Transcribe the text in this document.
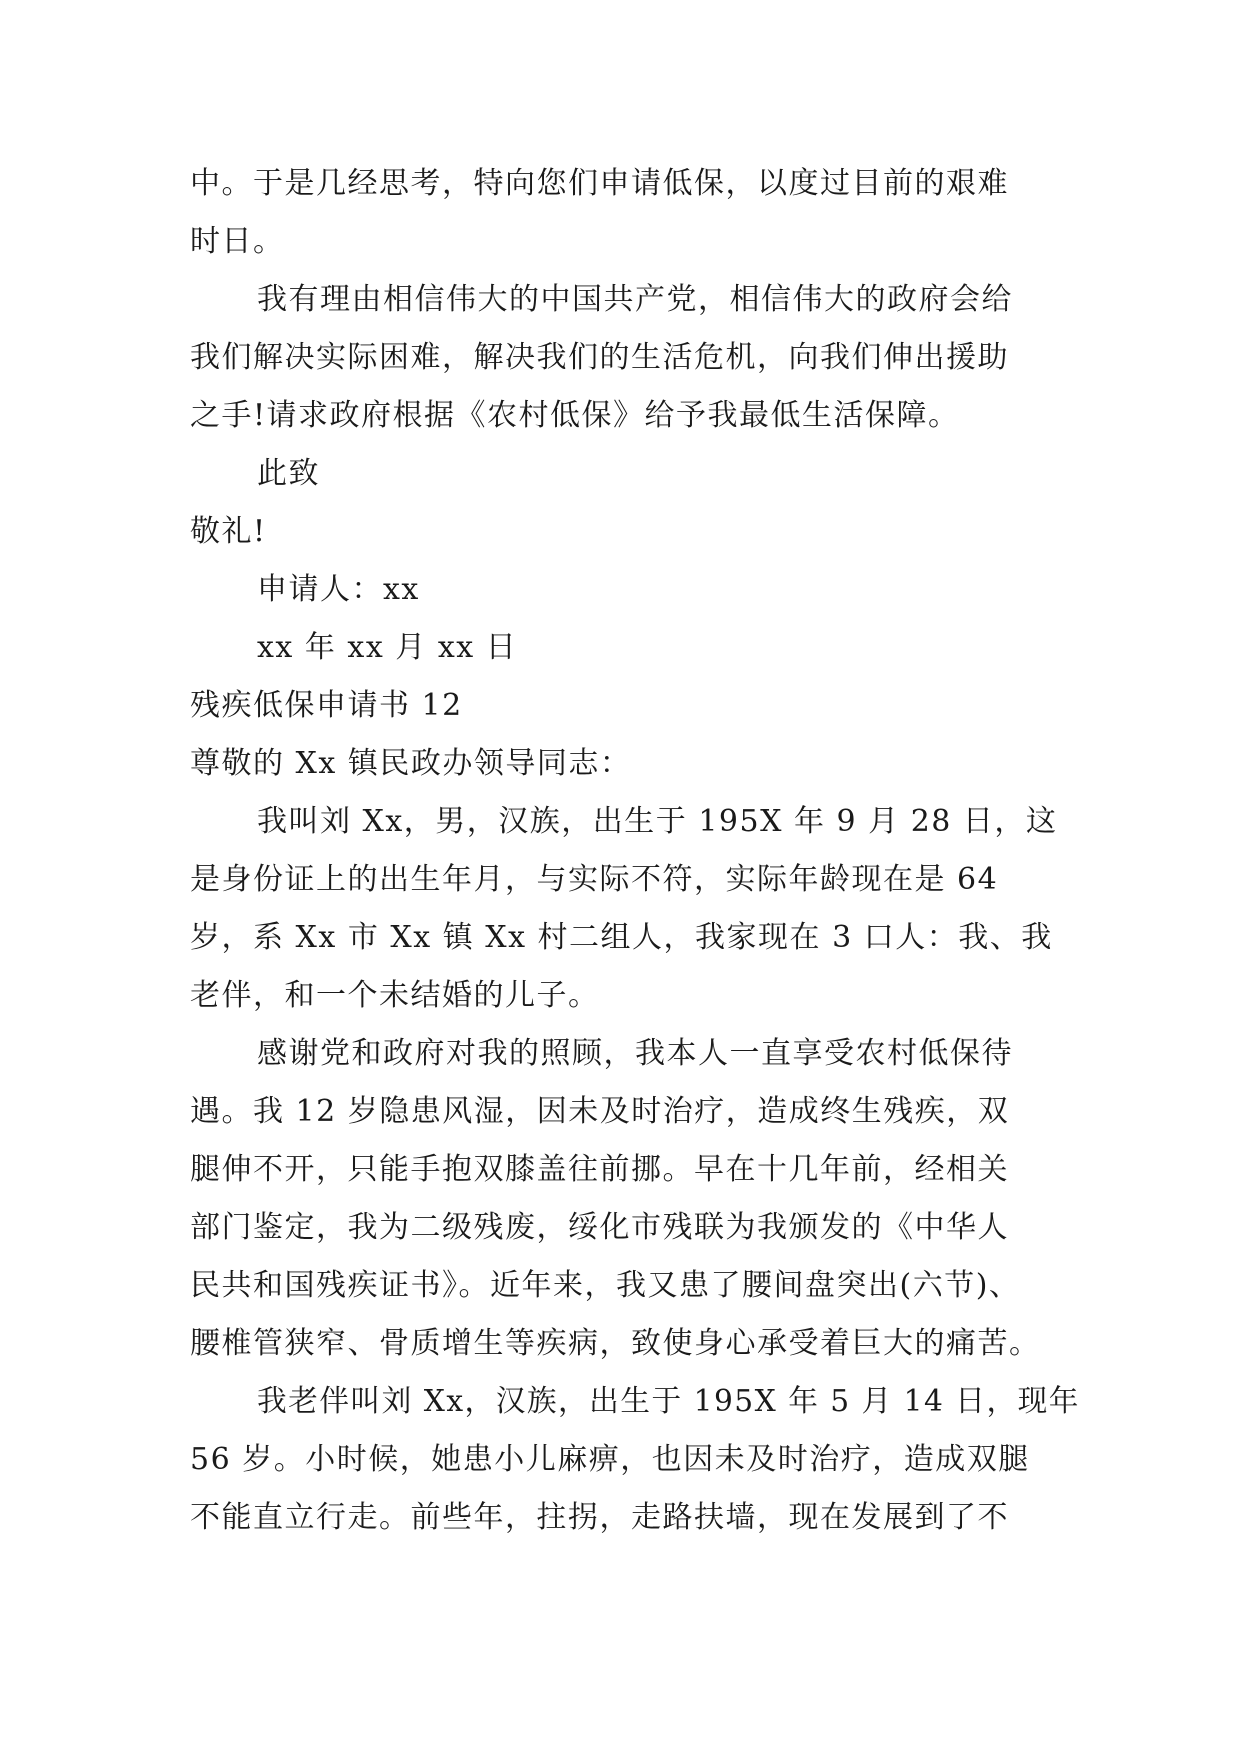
中。于是几经思考，特向您们申请低保，以度过目前的艰难
时日。
我有理由相信伟大的中国共产党，相信伟大的政府会给
我们解决实际困难，解决我们的生活危机，向我们伸出援助
之手!请求政府根据《农村低保》给予我最低生活保障。
此致
敬礼!
申请人：xx
xx 年 xx 月 xx 日
残疾低保申请书 12
尊敬的 Xx 镇民政办领导同志：
我叫刘 Xx，男，汉族，出生于 195X 年 9 月 28 日，这
是身份证上的出生年月，与实际不符，实际年龄现在是 64
岁，系 Xx 市 Xx 镇 Xx 村二组人，我家现在 3 口人：我、我
老伴，和一个未结婚的儿子。
感谢党和政府对我的照顾，我本人一直享受农村低保待
遇。我 12 岁隐患风湿，因未及时治疗，造成终生残疾，双
腿伸不开，只能手抱双膝盖往前挪。早在十几年前，经相关
部门鉴定，我为二级残废，绥化市残联为我颁发的《中华人
民共和国残疾证书》。近年来，我又患了腰间盘突出(六节)、
腰椎管狭窄、骨质增生等疾病，致使身心承受着巨大的痛苦。
我老伴叫刘 Xx，汉族，出生于 195X 年 5 月 14 日，现年
56 岁。小时候，她患小儿麻痹，也因未及时治疗，造成双腿
不能直立行走。前些年，拄拐，走路扶墙，现在发展到了不
